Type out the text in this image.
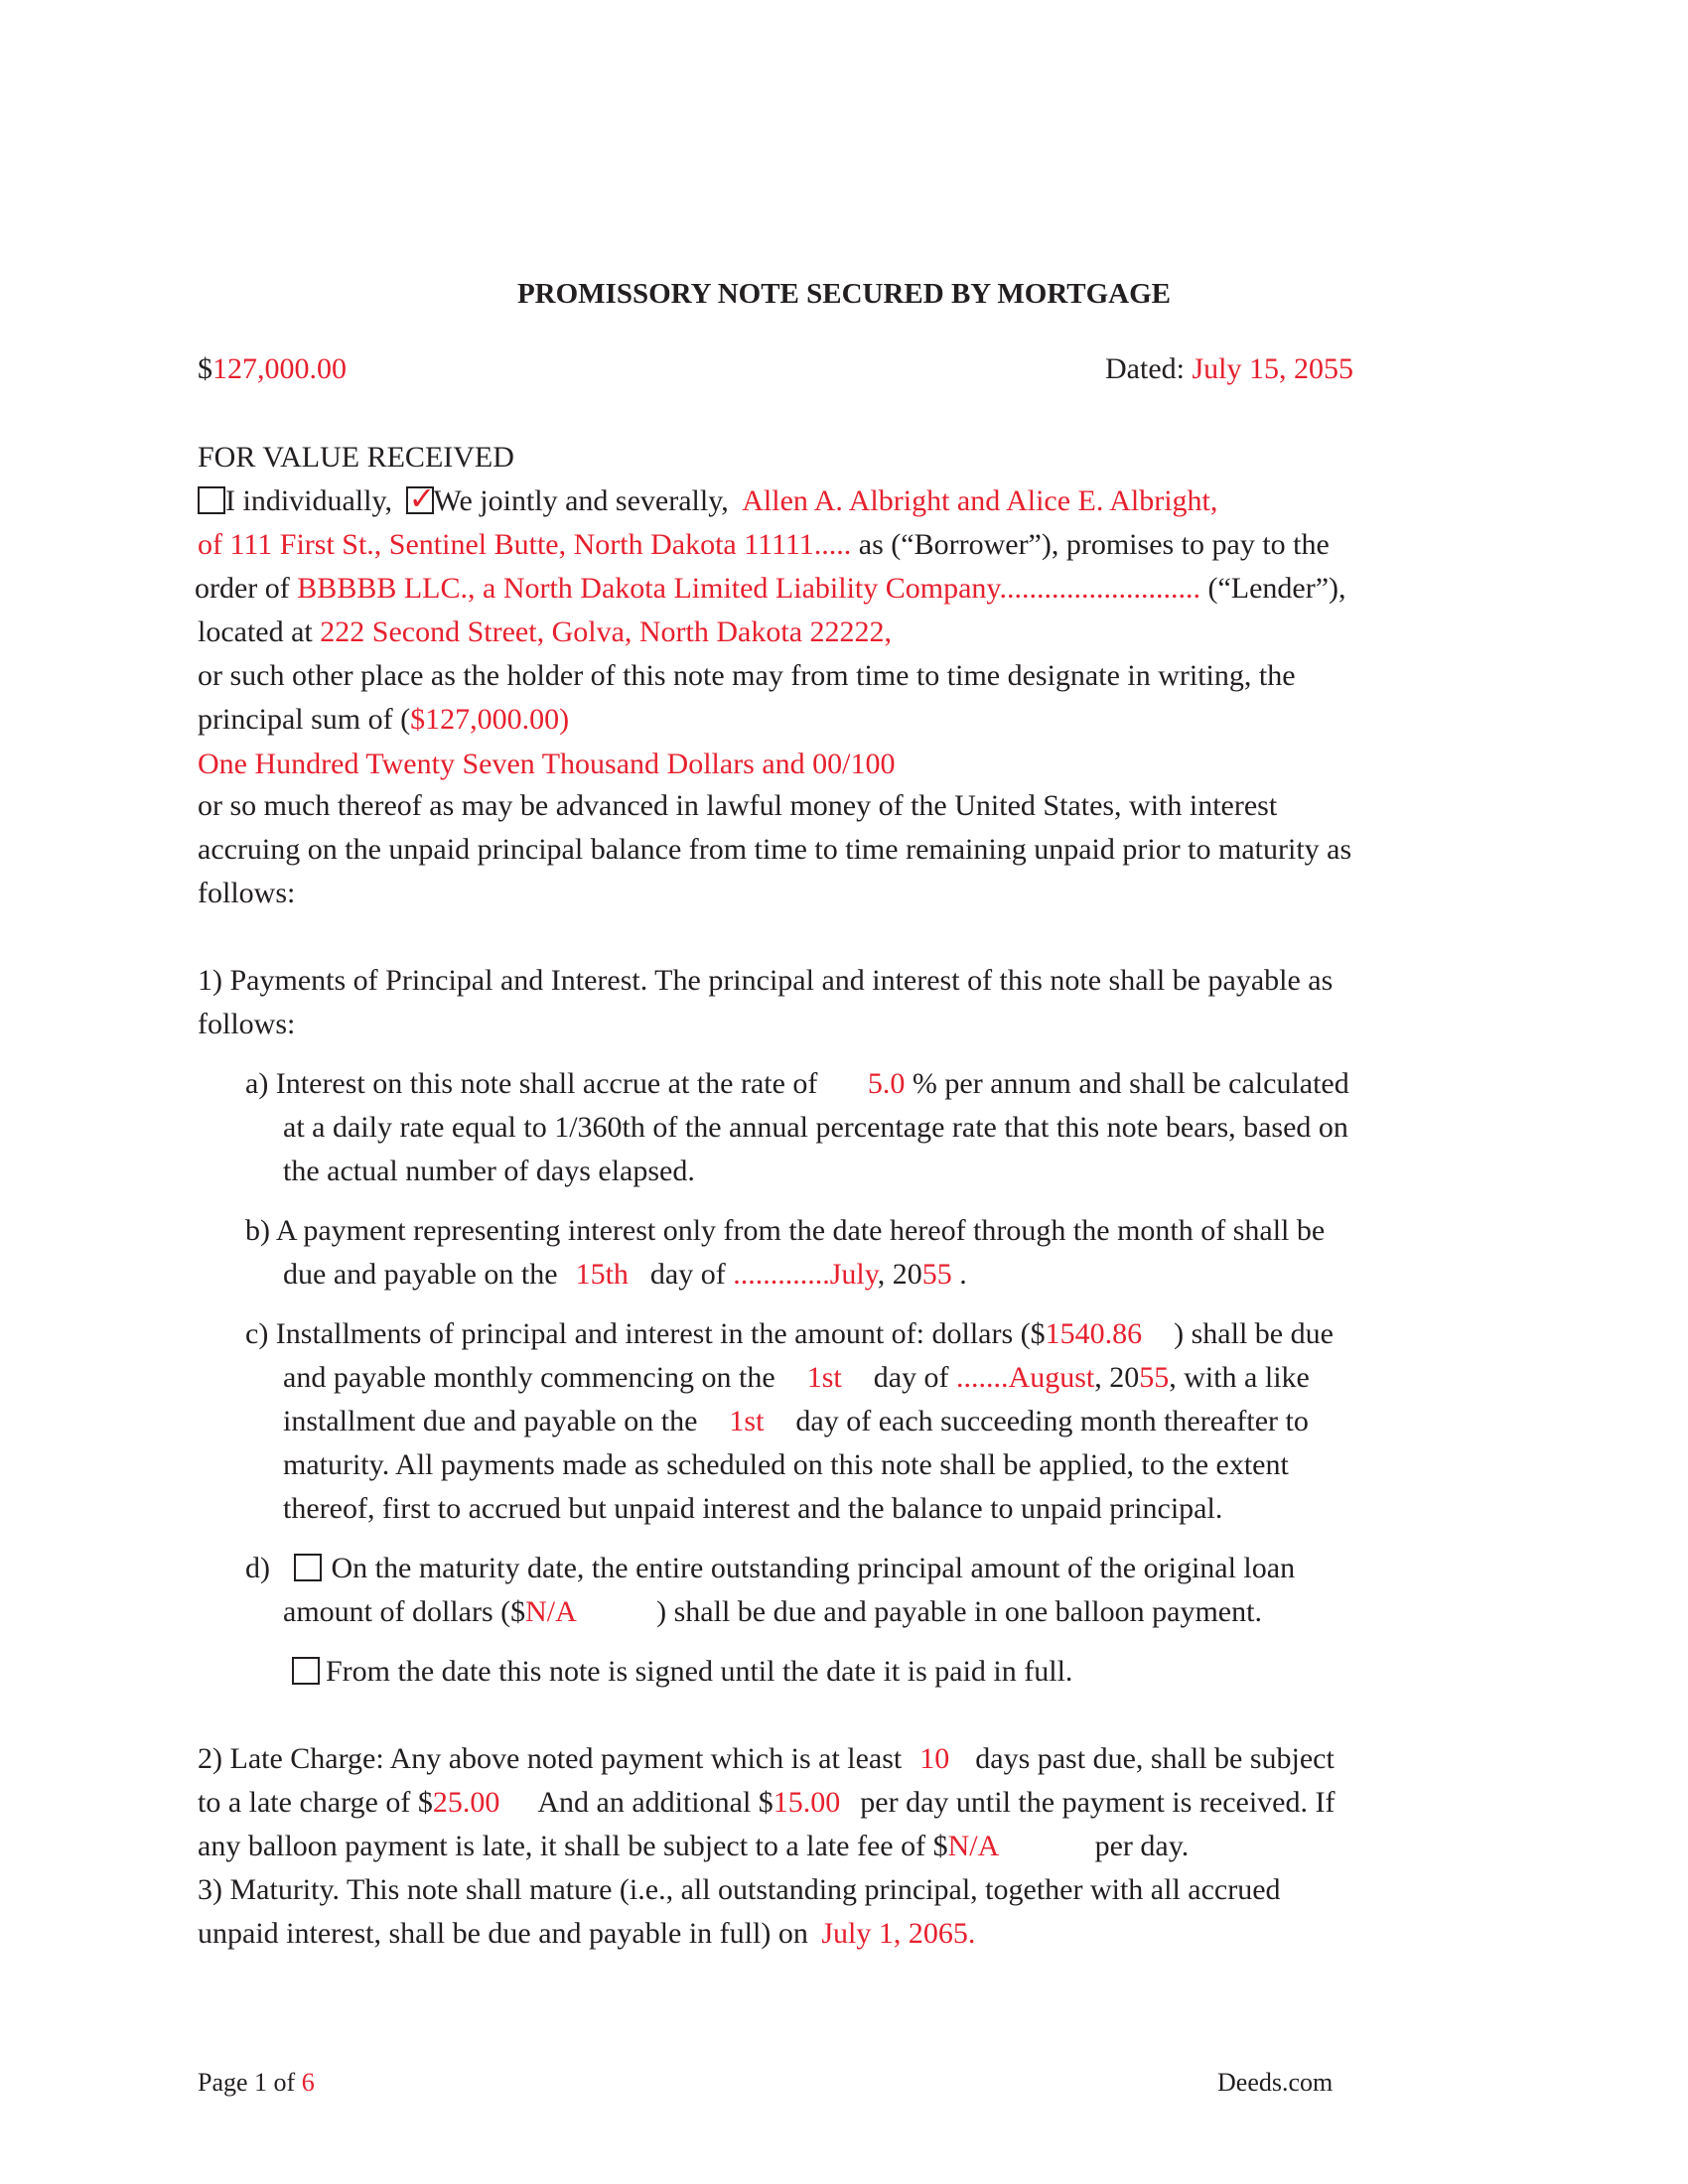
PROMISSORY NOTE SECURED BY MORTGAGE
$127,000.00	Dated: July 15, 2055
FOR VALUE RECEIVED
I individually, ✓
We jointly and severally, Allen A. Albright and Alice E. Albright,
of 111 First St., Sentinel Butte, North Dakota 11111..... as (“Borrower”), promises to pay to the
order of BBBBB LLC., a North Dakota Limited Liability Company........................... (“Lender”),
located at 222 Second Street, Golva, North Dakota 22222,
or such other place as the holder of this note may from time to time designate in writing, the
principal sum of ($127,000.00)
One Hundred Twenty Seven Thousand Dollars and 00/100
or so much thereof as may be advanced in lawful money of the United States, with interest
accruing on the unpaid principal balance from time to time remaining unpaid prior to maturity as
follows:
1) Payments of Principal and Interest. The principal and interest of this note shall be payable as
follows:
a) Interest on this note shall accrue at the rate of 5.0 % per annum and shall be calculated
at a daily rate equal to 1/360th of the annual percentage rate that this note bears, based on
the actual number of days elapsed.
b) A payment representing interest only from the date hereof through the month of shall be
due and payable on the 15th day of .............July, 2055 .
c) Installments of principal and interest in the amount of: dollars ($1540.86 ) shall be due
and payable monthly commencing on the 1st day of .......August, 2055, with a like
installment due and payable on the 1st day of each succeeding month thereafter to
maturity. All payments made as scheduled on this note shall be applied, to the extent
thereof, first to accrued but unpaid interest and the balance to unpaid principal.
d) On the maturity date, the entire outstanding principal amount of the original loan
amount of dollars ($N/A	) shall be due and payable in one balloon payment.
From the date this note is signed until the date it is paid in full.
2) Late Charge: Any above noted payment which is at least 10 days past due, shall be subject
to a late charge of $25.00 And an additional $15.00 per day until the payment is received. If
any balloon payment is late, it shall be subject to a late fee of $N/A	per day.
3) Maturity. This note shall mature (i.e., all outstanding principal, together with all accrued
unpaid interest, shall be due and payable in full) on July 1, 2065.
Page 1 of 6	Deeds.com
